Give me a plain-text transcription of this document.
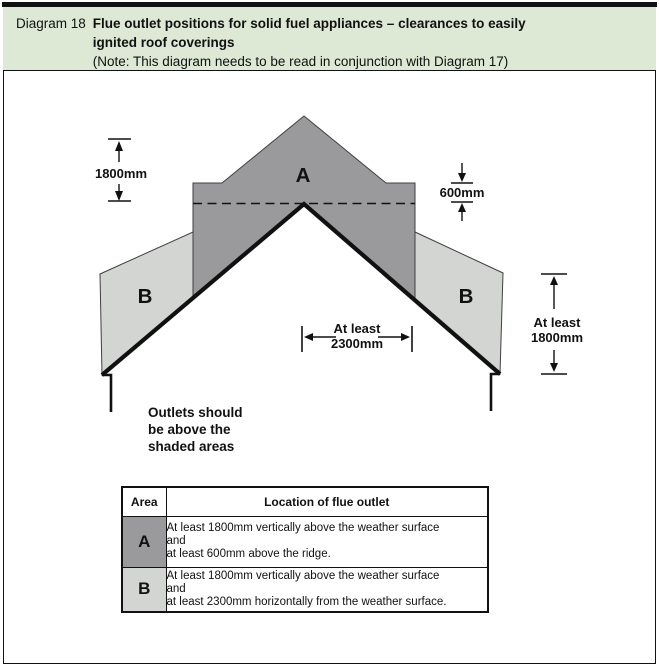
Diagram 18 Flue outlet positions for solid fuel appliances – clearances to easily
ignited roof coverings
(Note: This diagram needs to be read in conjunction with Diagram 17)
1800mm
600mm
At least
2300mm
At least
1800mm
A
B	B
Outlets should
be above the
shaded areas
Area	Location of flue outlet
A	At least 1800mm vertically above the weather surface
and
at least 600mm above the ridge.

B	At least 1800mm vertically above the weather surface
and
at least 2300mm horizontally from the weather surface.
